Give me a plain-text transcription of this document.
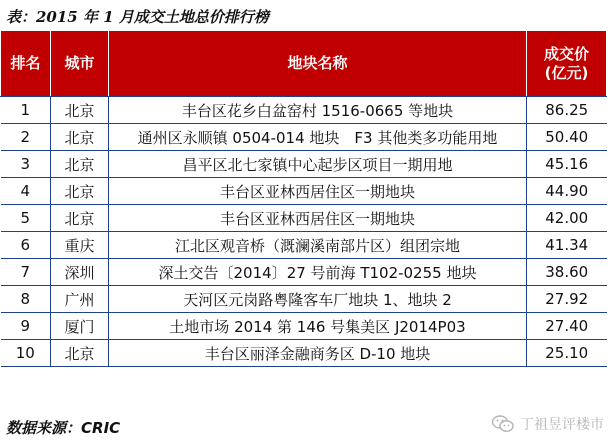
表：2015 年 1 月成交土地总价排行榜
排名	城市	地块名称	成交价
(亿元)

1	北京	丰台区花乡白盆窑村 1516-0665 等地块	86.25
2	北京	通州区永顺镇 0504-014 地块　F3 其他类多功能用地	50.40
3	北京	昌平区北七家镇中心起步区项目一期用地	45.16
4	北京	丰台区亚林西居住区一期地块	44.90
5	北京	丰台区亚林西居住区一期地块	42.00
6	重庆	江北区观音桥（溉澜溪南部片区）组团宗地	41.34
7	深圳	深土交告〔2014〕27 号前海 T102-0255 地块	38.60
8	广州	天河区元岗路粤隆客车厂地块 1、地块 2	27.92
9	厦门	土地市场 2014 第 146 号集美区 J2014P03	27.40
10	北京	丰台区丽泽金融商务区 D-10 地块	25.10
数据来源：CRIC	丁祖昱评楼市
